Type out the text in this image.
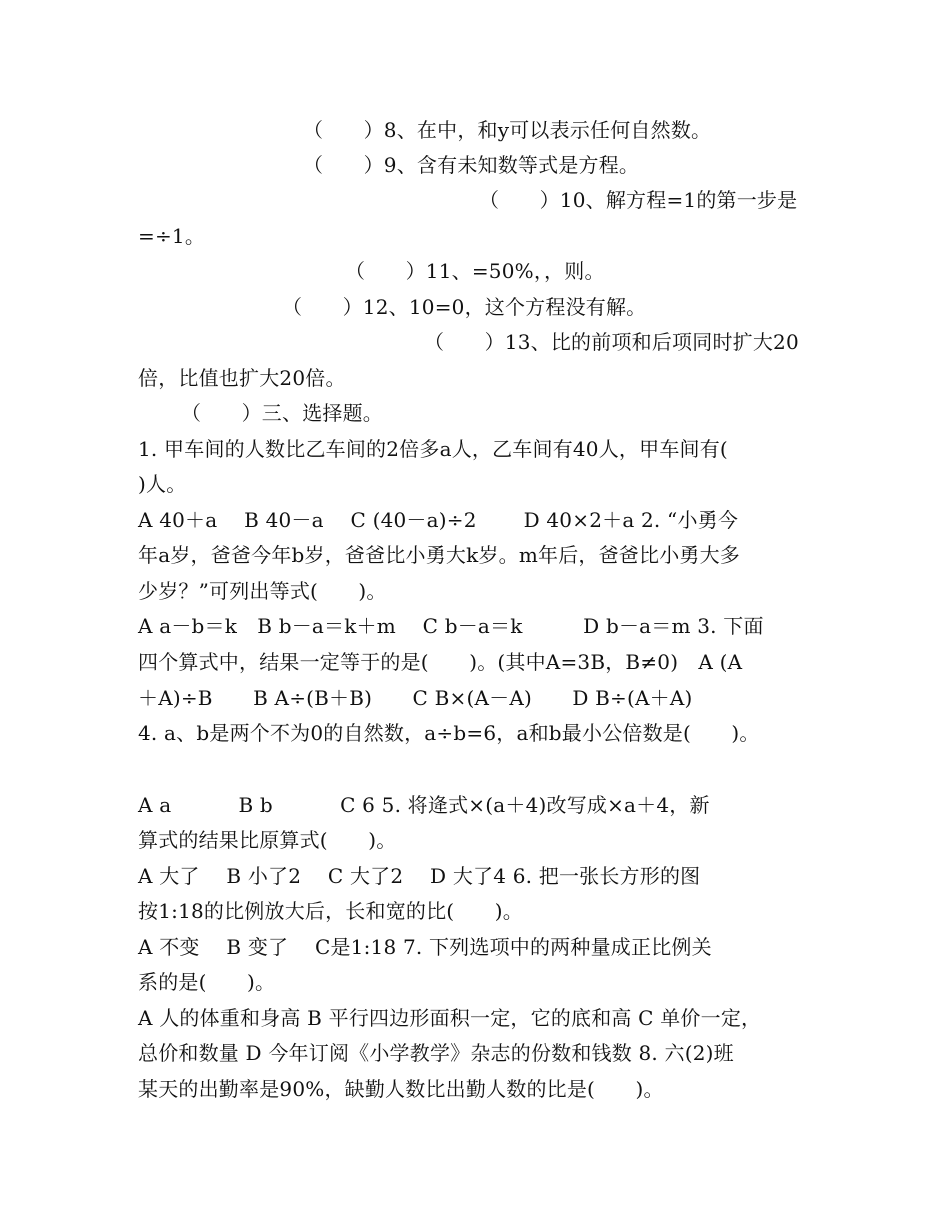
（　　）8、在中，和y可以表示任何自然数。
（　　）9、含有未知数等式是方程。
（　　）10、解方程=1的第一步是
=÷1。
（　　）11、=50%，，则。
（　　）12、10=0，这个方程没有解。
（　　）13、比的前项和后项同时扩大20
倍，比值也扩大20倍。
（　　）三、选择题。
1. 甲车间的人数比乙车间的2倍多a人，乙车间有40人，甲车间有(
)人。
A 40＋a　 B 40－a　 C (40－a)÷2　　 D 40×2＋a 2. “小勇今
年a岁，爸爸今年b岁，爸爸比小勇大k岁。m年后，爸爸比小勇大多
少岁？”可列出等式(　　)。
A a－b＝k　B b－a＝k＋m　 C b－a＝k　　　D b－a＝m 3. 下面
四个算式中，结果一定等于的是(　　)。(其中A=3B，B≠0)　A (A
＋A)÷B　　B A÷(B＋B)　　C B×(A－A)　　D B÷(A＋A)
4. a、b是两个不为0的自然数，a÷b=6，a和b最小公倍数是(　　)。
A a　　　 B b　　　 C 6 5. 将逄式×(a＋4)改写成×a＋4，新
算式的结果比原算式(　　)。
A 大了　 B 小了2　 C 大了2　 D 大了4 6. 把一张长方形的图
按1:18的比例放大后，长和宽的比(　　)。
A 不变　 B 变了　 C是1:18 7. 下列选项中的两种量成正比例关
系的是(　　)。
A 人的体重和身高 B 平行四边形面积一定，它的底和高 C 单价一定，
总价和数量 D 今年订阅《小学教学》杂志的份数和钱数 8. 六(2)班
某天的出勤率是90%，缺勤人数比出勤人数的比是(　　)。
